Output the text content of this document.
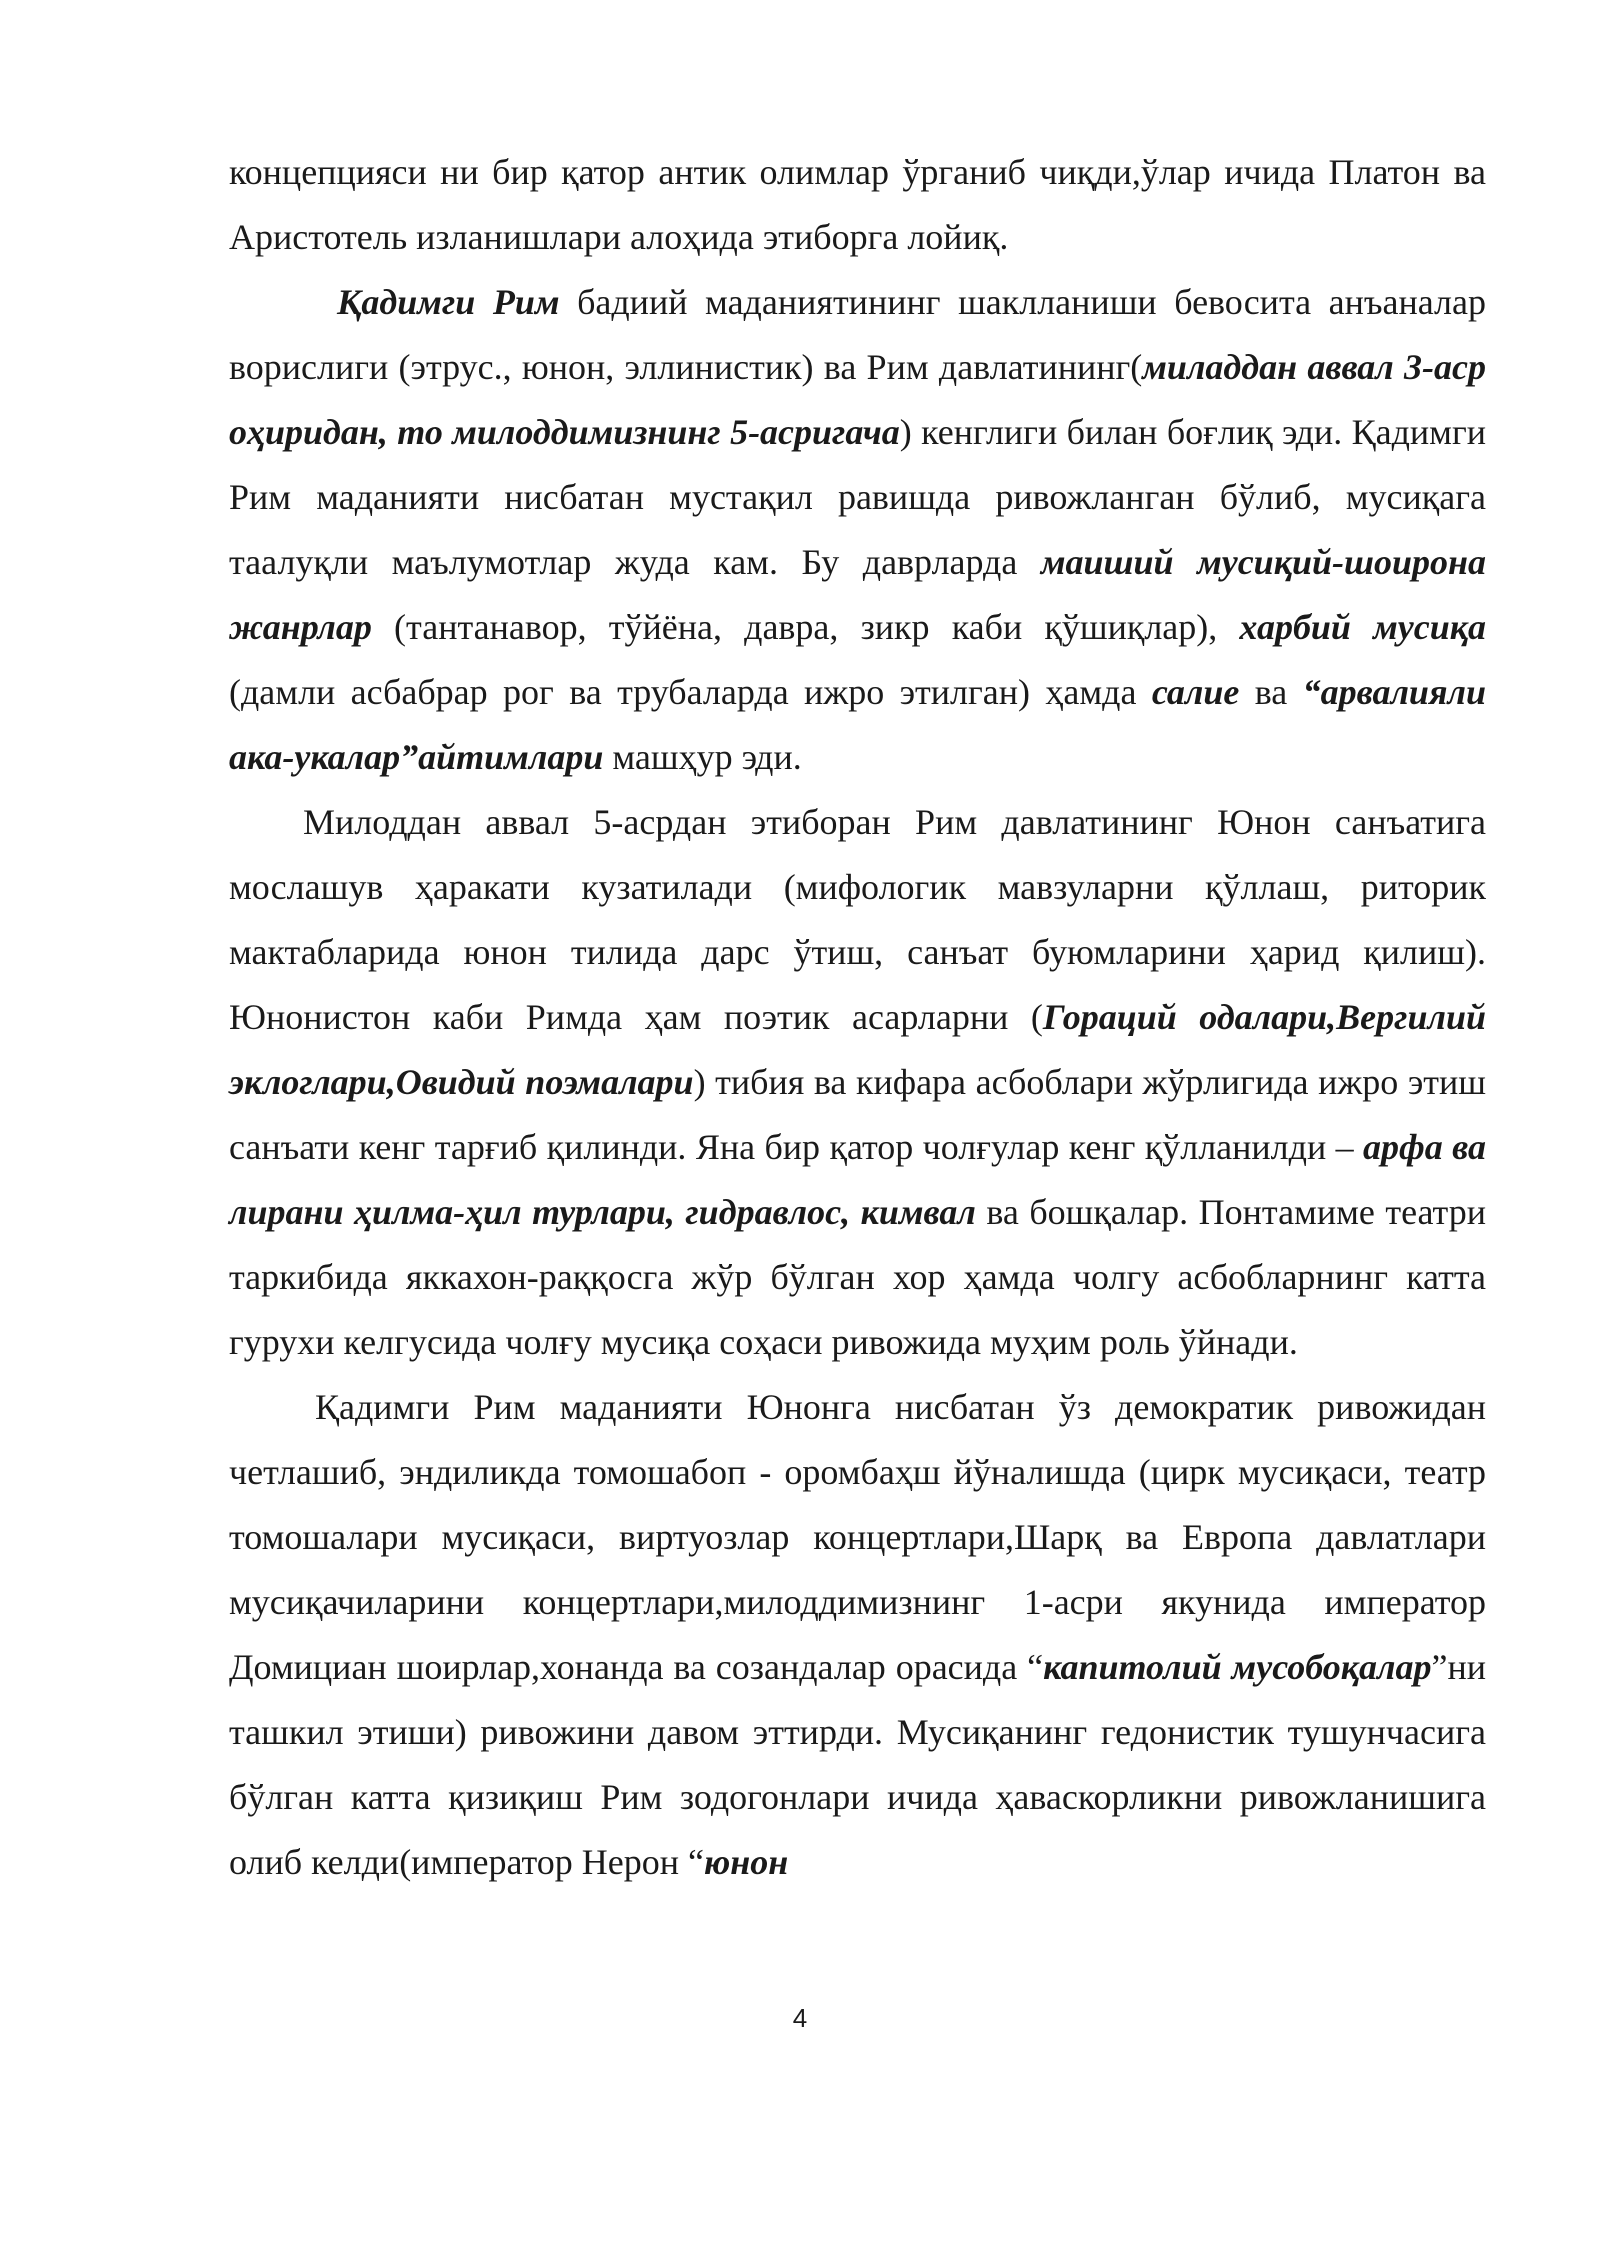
концепцияси ни бир қатор антик олимлар ўрганиб чиқди,ўлар ичида Платон ва Аристотель изланишлари алоҳида этиборга лойиқ.

Қадимги Рим бадиий маданиятининг шаклланиши бевосита анъаналар ворислиги (этрус., юнон, эллинистик) ва Рим давлатининг(миладдан аввал 3-аср оҳиридан, то милоддимизнинг 5-асригача) кенглиги билан боғлиқ эди. Қадимги Рим маданияти нисбатан мустақил равишда ривожланган бўлиб, мусиқага таалуқли маълумотлар жуда кам. Бу даврларда маиший мусиқий-шоиронa жанрлар (тантанавор, тўйёна, давра, зикр каби қўшиқлар), харбий мусиқа (дамли асбабрар рог ва трубаларда ижро этилган) ҳамда салие ва “арвалияли ака-укалар”айтимлари машҳур эди.

Милоддан аввал 5-асрдан этиборан Рим давлатининг Юнон санъатига мослашув ҳаракати кузатилади (мифологик мавзуларни қўллаш, риторик мактабларида юнон тилида дарс ўтиш, санъат буюмларини ҳарид қилиш). Юнонистон каби Римда ҳам поэтик асарларни (Гораций одалари,Вергилий эклоглари,Овидий поэмалари) тибия ва кифара асбоблари жўрлигида ижро этиш санъати кенг тарғиб қилинди. Яна бир қатор чолғулар кенг қўлланилди – арфа ва лирани ҳилма-ҳил турлари, гидравлос, кимвал ва бошқалар. Понтамиме театри таркибида яккахон-раққосга жўр бўлган хор ҳамда чолгу асбобларнинг катта гурухи келгусида чолғу мусиқа соҳаси ривожида муҳим роль ўйнади.

Қадимги Рим маданияти Юнонга нисбатан ўз демократик ривожидан четлашиб, эндиликда томошабоп - оромбаҳш йўналишда (цирк мусиқаси, театр томошалари мусиқаси, виртуозлар концертлари,Шарқ ва Европа давлатлари мусиқачиларини концертлари,милоддимизнинг 1-асри якунида император Домициан шоирлар,хонанда ва созандалар орасида “капитолий мусобоқалар”ни ташкил этиши) ривожини давом эттирди. Мусиқанинг гедонистик тушунчасига бўлган катта қизиқиш Рим зодогонлари ичида ҳаваскорликни ривожланишига олиб келди(император Нерон “юнон

4
